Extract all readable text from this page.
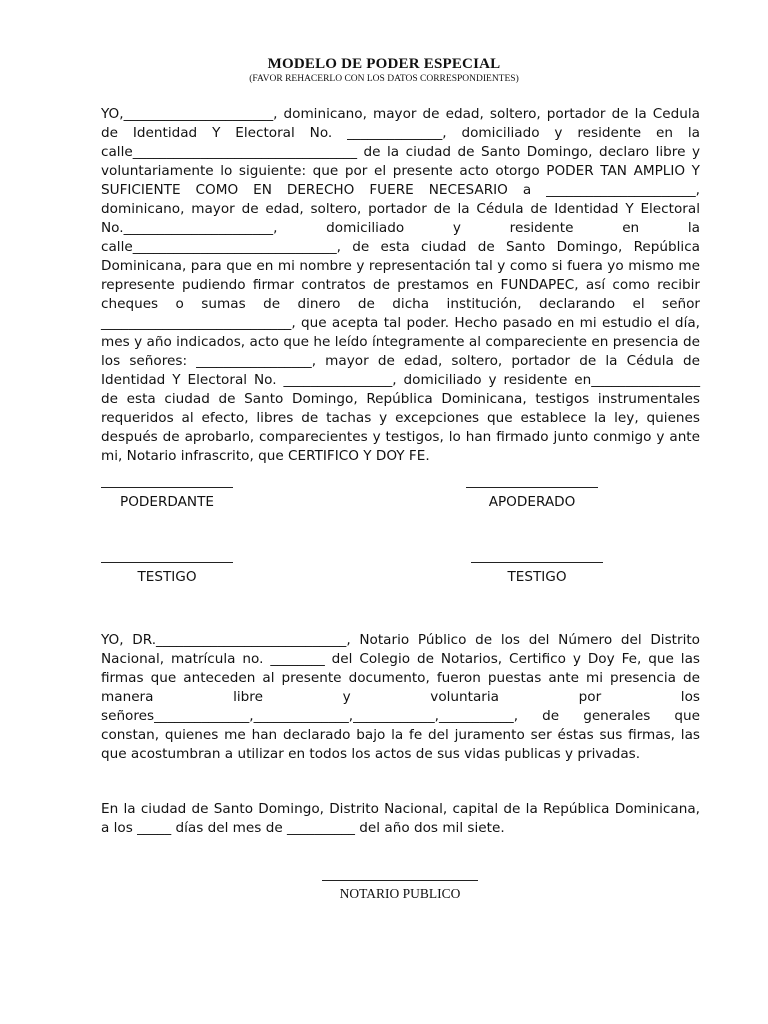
MODELO DE PODER ESPECIAL
(FAVOR REHACERLO CON LOS DATOS CORRESPONDIENTES)
YO,______________________, dominicano, mayor de edad, soltero, portador de la Cedula de Identidad Y Electoral No. ______________, domiciliado y residente en la calle_________________________________ de la ciudad de Santo Domingo, declaro libre y voluntariamente lo siguiente: que por el presente acto otorgo PODER TAN AMPLIO Y SUFICIENTE COMO EN DERECHO FUERE NECESARIO a ______________________, dominicano, mayor de edad, soltero, portador de la Cédula de Identidad Y Electoral No.______________________, domiciliado y residente en la calle______________________________, de esta ciudad de Santo Domingo, República Dominicana, para que en mi nombre y representación tal y como si fuera yo mismo me represente pudiendo firmar contratos de prestamos en FUNDAPEC, así como recibir cheques o sumas de dinero de dicha institución, declarando el señor ____________________________, que acepta tal poder. Hecho pasado en mi estudio el día, mes y año indicados, acto que he leído íntegramente al compareciente en presencia de los señores: _________________, mayor de edad, soltero, portador de la Cédula de Identidad Y Electoral No. ________________, domiciliado y residente en________________ de esta ciudad de Santo Domingo, República Dominicana, testigos instrumentales requeridos al efecto, libres de tachas y excepciones que establece la ley, quienes después de aprobarlo, comparecientes y testigos, lo han firmado junto conmigo y ante mi, Notario infrascrito, que CERTIFICO Y DOY FE.
PODERDANTE	APODERADO
TESTIGO	TESTIGO
YO, DR.____________________________, Notario Público de los del Número del Distrito Nacional, matrícula no. ________ del Colegio de Notarios, Certifico y Doy Fe, que las firmas que anteceden al presente documento, fueron puestas ante mi presencia de manera libre y voluntaria por los señores______________,______________,____________,___________, de generales que constan, quienes me han declarado bajo la fe del juramento ser éstas sus firmas, las que acostumbran a utilizar en todos los actos de sus vidas publicas y privadas.
En la ciudad de Santo Domingo, Distrito Nacional, capital de la República Dominicana, a los _____ días del mes de __________ del año dos mil siete.
NOTARIO PUBLICO
